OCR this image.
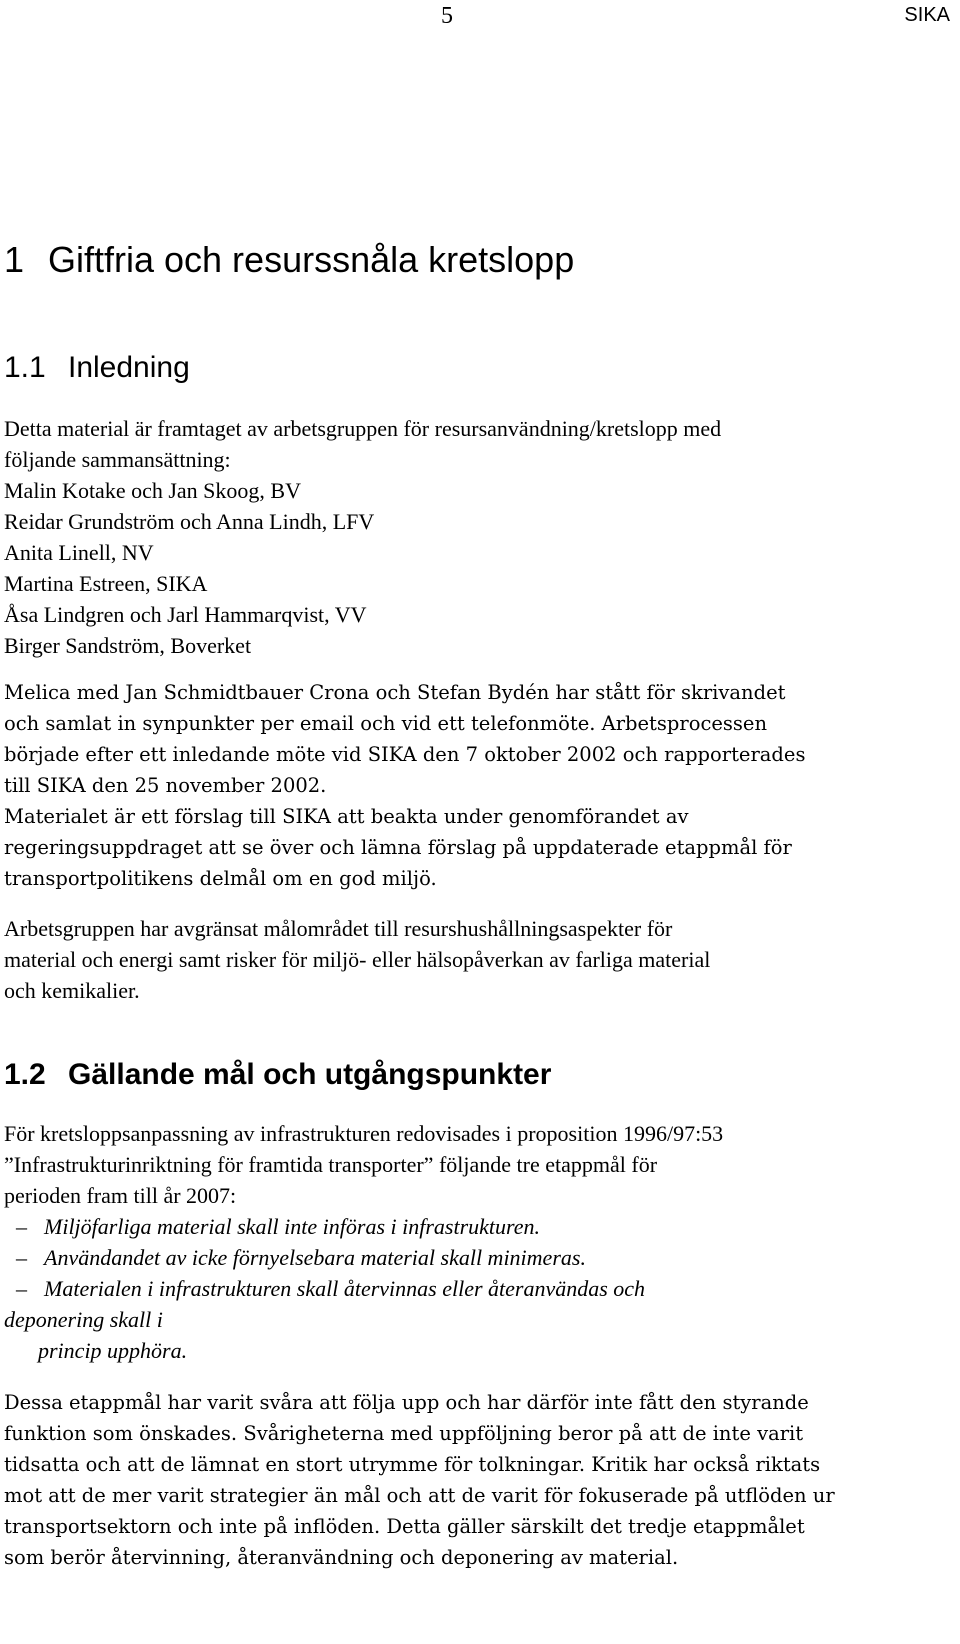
5	SIKA
1 Giftfria och resurssnåla kretslopp
1.1 Inledning
Detta material är framtaget av arbetsgruppen för resursanvändning/kretslopp med
följande sammansättning:
Malin Kotake och Jan Skoog, BV
Reidar Grundström och Anna Lindh, LFV
Anita Linell, NV
Martina Estreen, SIKA
Åsa Lindgren och Jarl Hammarqvist, VV
Birger Sandström, Boverket
Melica med Jan Schmidtbauer Crona och Stefan Bydén har stått för skrivandet
och samlat in synpunkter per email och vid ett telefonmöte. Arbetsprocessen
började efter ett inledande möte vid SIKA den 7 oktober 2002 och rapporterades
till SIKA den 25 november 2002.
Materialet är ett förslag till SIKA att beakta under genomförandet av
regeringsuppdraget att se över och lämna förslag på uppdaterade etappmål för
transportpolitikens delmål om en god miljö.
Arbetsgruppen har avgränsat målområdet till resurshushållningsaspekter för
material och energi samt risker för miljö- eller hälsopåverkan av farliga material
och kemikalier.
1.2 Gällande mål och utgångspunkter
För kretsloppsanpassning av infrastrukturen redovisades i proposition 1996/97:53
”Infrastrukturinriktning för framtida transporter” följande tre etappmål för
perioden fram till år 2007:
– Miljöfarliga material skall inte införas i infrastrukturen.
– Användandet av icke förnyelsebara material skall minimeras.
– Materialen i infrastrukturen skall återvinnas eller återanvändas och
deponering skall i
princip upphöra.
Dessa etappmål har varit svåra att följa upp och har därför inte fått den styrande
funktion som önskades. Svårigheterna med uppföljning beror på att de inte varit
tidsatta och att de lämnat en stort utrymme för tolkningar. Kritik har också riktats
mot att de mer varit strategier än mål och att de varit för fokuserade på utflöden ur
transportsektorn och inte på inflöden. Detta gäller särskilt det tredje etappmålet
som berör återvinning, återanvändning och deponering av material.
